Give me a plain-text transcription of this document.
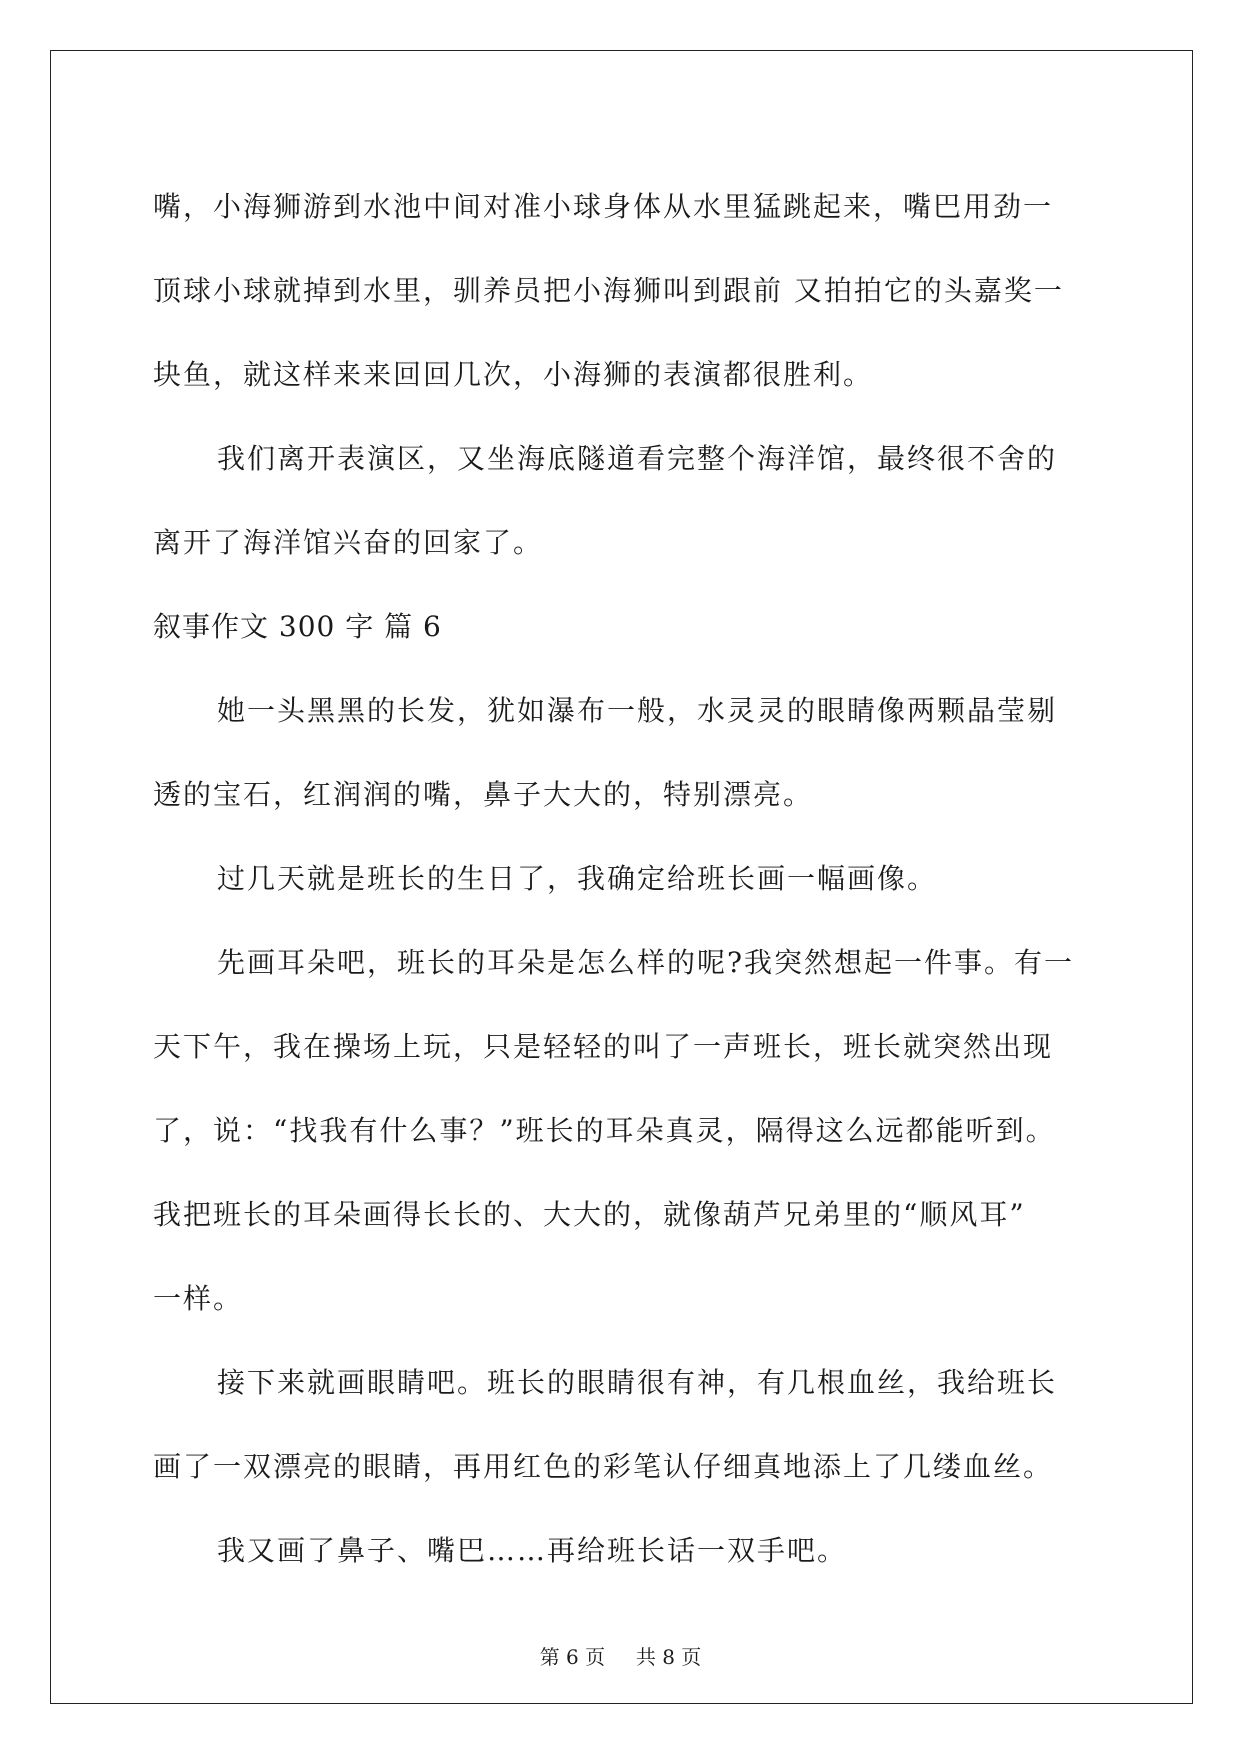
嘴，小海狮游到水池中间对准小球身体从水里猛跳起来，嘴巴用劲一
顶球小球就掉到水里，驯养员把小海狮叫到跟前 又拍拍它的头嘉奖一
块鱼，就这样来来回回几次，小海狮的表演都很胜利。
我们离开表演区，又坐海底隧道看完整个海洋馆，最终很不舍的
离开了海洋馆兴奋的回家了。
叙事作文 300 字 篇 6
她一头黑黑的长发，犹如瀑布一般，水灵灵的眼睛像两颗晶莹剔
透的宝石，红润润的嘴，鼻子大大的，特别漂亮。
过几天就是班长的生日了，我确定给班长画一幅画像。
先画耳朵吧，班长的耳朵是怎么样的呢?我突然想起一件事。有一
天下午，我在操场上玩，只是轻轻的叫了一声班长，班长就突然出现
了，说：“找我有什么事？”班长的耳朵真灵，隔得这么远都能听到。
我把班长的耳朵画得长长的、大大的，就像葫芦兄弟里的“顺风耳”
一样。
接下来就画眼睛吧。班长的眼睛很有神，有几根血丝，我给班长
画了一双漂亮的眼睛，再用红色的彩笔认仔细真地添上了几缕血丝。
我又画了鼻子、嘴巴……再给班长话一双手吧。
第 6 页 共 8 页
